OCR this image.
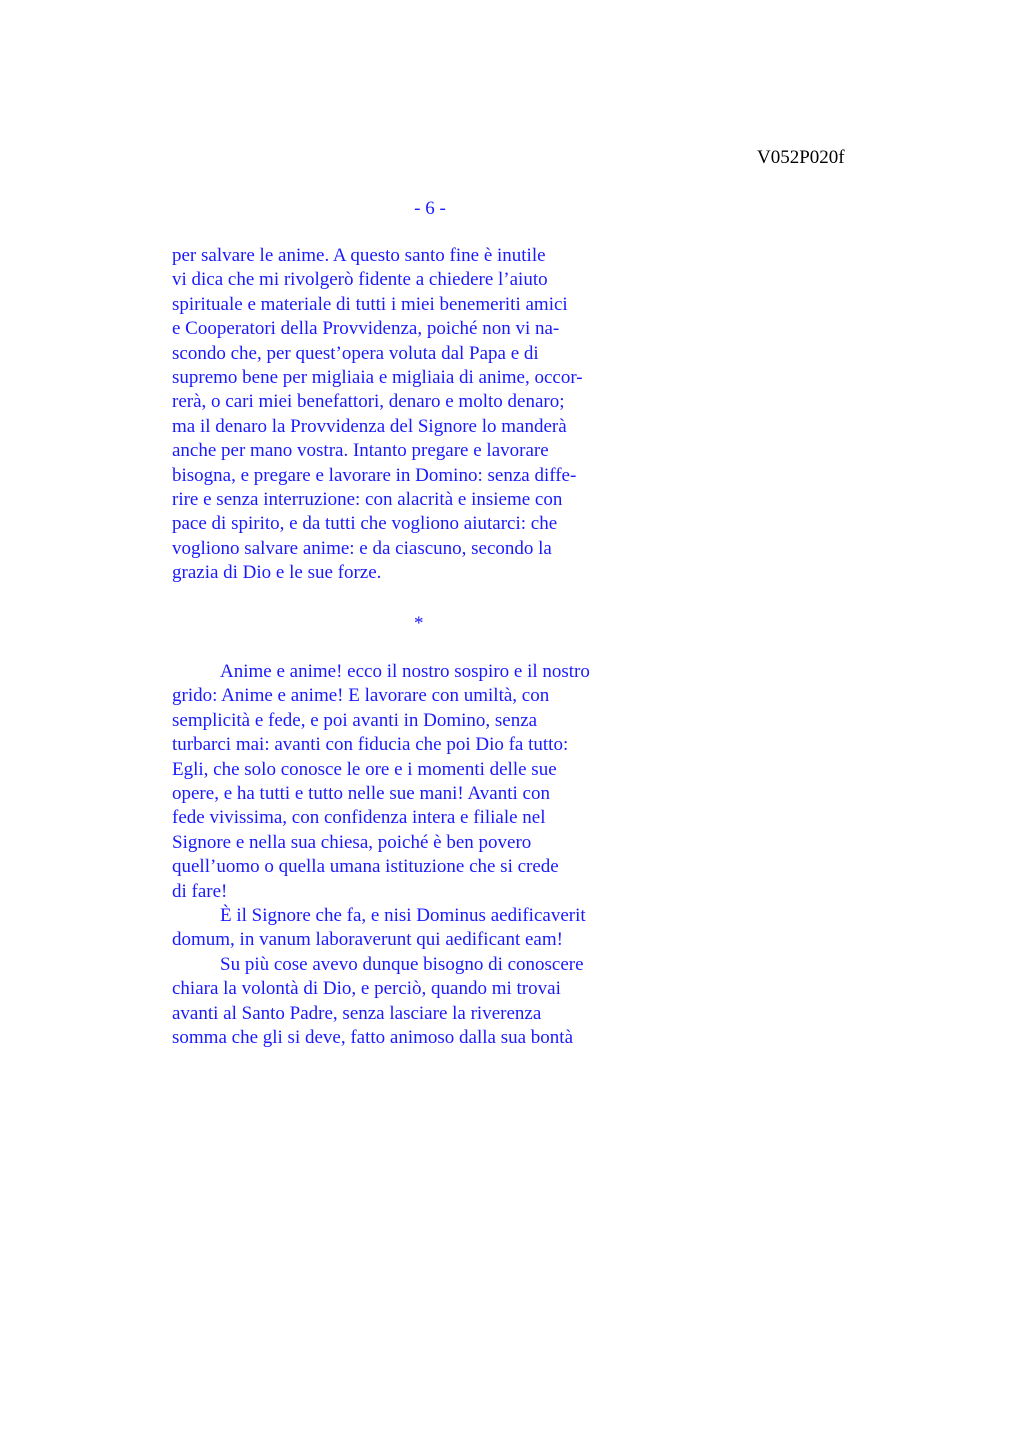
V052P020f
- 6 -
per salvare le anime. A questo santo fine è inutile
vi dica che mi rivolgerò fidente a chiedere l’aiuto
spirituale e materiale di tutti i miei benemeriti amici
e Cooperatori della Provvidenza, poiché non vi na-
scondo che, per quest’opera voluta dal Papa e di
supremo bene per migliaia e migliaia di anime, occor-
rerà, o cari miei benefattori, denaro e molto denaro;
ma il denaro la Provvidenza del Signore lo manderà
anche per mano vostra. Intanto pregare e lavorare
bisogna, e pregare e lavorare in Domino: senza diffe-
rire e senza interruzione: con alacrità e insieme con
pace di spirito, e da tutti che vogliono aiutarci: che
vogliono salvare anime: e da ciascuno, secondo la
grazia di Dio e le sue forze.
*
Anime e anime! ecco il nostro sospiro e il nostro
grido: Anime e anime! E lavorare con umiltà, con
semplicità e fede, e poi avanti in Domino, senza
turbarci mai: avanti con fiducia che poi Dio fa tutto:
Egli, che solo conosce le ore e i momenti delle sue
opere, e ha tutti e tutto nelle sue mani! Avanti con
fede vivissima, con confidenza intera e filiale nel
Signore e nella sua chiesa, poiché è ben povero
quell’uomo o quella umana istituzione che si crede
di fare!
È il Signore che fa, e nisi Dominus aedificaverit
domum, in vanum laboraverunt qui aedificant eam!
Su più cose avevo dunque bisogno di conoscere
chiara la volontà di Dio, e perciò, quando mi trovai
avanti al Santo Padre, senza lasciare la riverenza
somma che gli si deve, fatto animoso dalla sua bontà
